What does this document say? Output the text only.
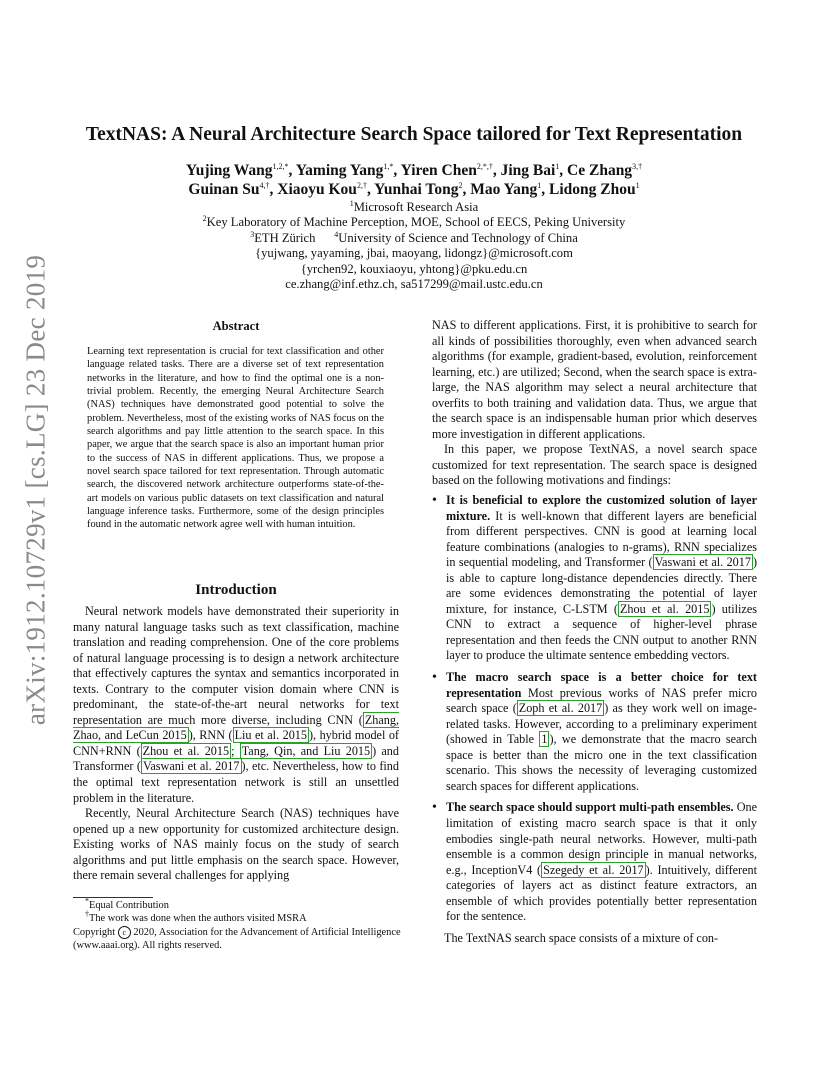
arXiv:1912.10729v1 [cs.LG] 23 Dec 2019
TextNAS: A Neural Architecture Search Space tailored for Text Representation
Yujing Wang$^{1,2,*}$, Yaming Yang$^{1,*}$, Yiren Chen$^{2,*,\dagger}$, Jing Bai$^1$, Ce Zhang$^{3,\dagger}$
Guinan $Su^{4,\dagger}$, Xiaoyu Kou$^{2,\dagger}$, Yunhai Tong$^2$, Mao Yang$^1$, Lidong Zhou$^1$
$^1$Microsoft Research Asia
$^2$Key Laboratory of Machine Perception, MOE, School of EECS, Peking University
$^3$ETH Zürich $^4$University of Science and Technology of China
{yujwang, yayaming, jbai, maoyang, lidongz}@microsoft.com
{yrchen92, kouxiaoyu, yhtong}@pku.edu.cn
ce.zhang@inf.ethz.ch, sa517299@mail.ustc.edu.cn
Abstract
Learning text representation is crucial for text classification and other language related tasks. There are a diverse set of text representation networks in the literature, and how to find the optimal one is a non-trivial problem. Recently, the emerging Neural Architecture Search (NAS) techniques have demonstrated good potential to solve the problem. Nevertheless, most of the existing works of NAS focus on the search algorithms and pay little attention to the search space. In this paper, we argue that the search space is also an important human prior to the success of NAS in different applications. Thus, we propose a novel search space tailored for text representation. Through automatic search, the discovered network architecture outperforms state-of-the-art models on various public datasets on text classification and natural language inference tasks. Furthermore, some of the design principles found in the automatic network agree well with human intuition.
Introduction

Neural network models have demonstrated their superiority in many natural language tasks such as text classification, machine translation and reading comprehension. One of the core problems of natural language processing is to design a network architecture that effectively captures the syntax and semantics incorporated in texts. Contrary to the computer vision domain where CNN is predominant, the state-of-the-art neural networks for text representation are much more diverse, including CNN ( Zhang, Zhao, and LeCun 2015 ), RNN ( Liu et al. 2015 ), hybrid model of CNN+RNN ( Zhou et al. 2015 ; Tang, Qin, and Liu 2015 ) and Transformer ( Vaswani et al. 2017 ), etc. Nevertheless, how to find the optimal text representation network is still an unsettled problem in the literature.

Recently, Neural Architecture Search (NAS) techniques have opened up a new opportunity for customized architecture design. Existing works of NAS mainly focus on the study of search algorithms and put little emphasis on the search space. However, there remain several challenges for applying

*Equal Contribution
†The work was done when the authors visited MSRA
Copyright c 2020, Association for the Advancement of Artificial Intelligence (www.aaai.org). All rights reserved.

NAS to different applications. First, it is prohibitive to search for all kinds of possibilities thoroughly, even when advanced search algorithms (for example, gradient-based, evolution, reinforcement learning, etc.) are utilized; Second, when the search space is extra-large, the NAS algorithm may select a neural architecture that overfits to both training and validation data. Thus, we argue that the search space is an indispensable human prior which deserves more investigation in different applications.

In this paper, we propose TextNAS, a novel search space customized for text representation. The search space is designed based on the following motivations and findings:

• It is beneficial to explore the customized solution of layer mixture. It is well-known that different layers are beneficial from different perspectives. CNN is good at learning local feature combinations (analogies to n-grams), RNN specializes in sequential modeling, and Transformer ( Vaswani et al. 2017 ) is able to capture long-distance dependencies directly. There are some evidences demonstrating the potential of layer mixture, for instance, C-LSTM ( Zhou et al. 2015 ) utilizes CNN to extract a sequence of higher-level phrase representation and then feeds the CNN output to another RNN layer to produce the ultimate sentence embedding vectors.
• The macro search space is a better choice for text representation Most previous works of NAS prefer micro search space ( Zoph et al. 2017 ) as they work well on image-related tasks. However, according to a preliminary experiment (showed in Table 1 ), we demonstrate that the macro search space is better than the micro one in the text classification scenario. This shows the necessity of leveraging customized search spaces for different applications.
• The search space should support multi-path ensembles. One limitation of existing macro search space is that it only embodies single-path neural networks. However, multi-path ensemble is a common design principle in manual networks, e.g., InceptionV4 ( Szegedy et al. 2017 ). Intuitively, different categories of layers act as distinct feature extractors, an ensemble of which provides potentially better representation for the sentence.

The TextNAS search space consists of a mixture of con-
